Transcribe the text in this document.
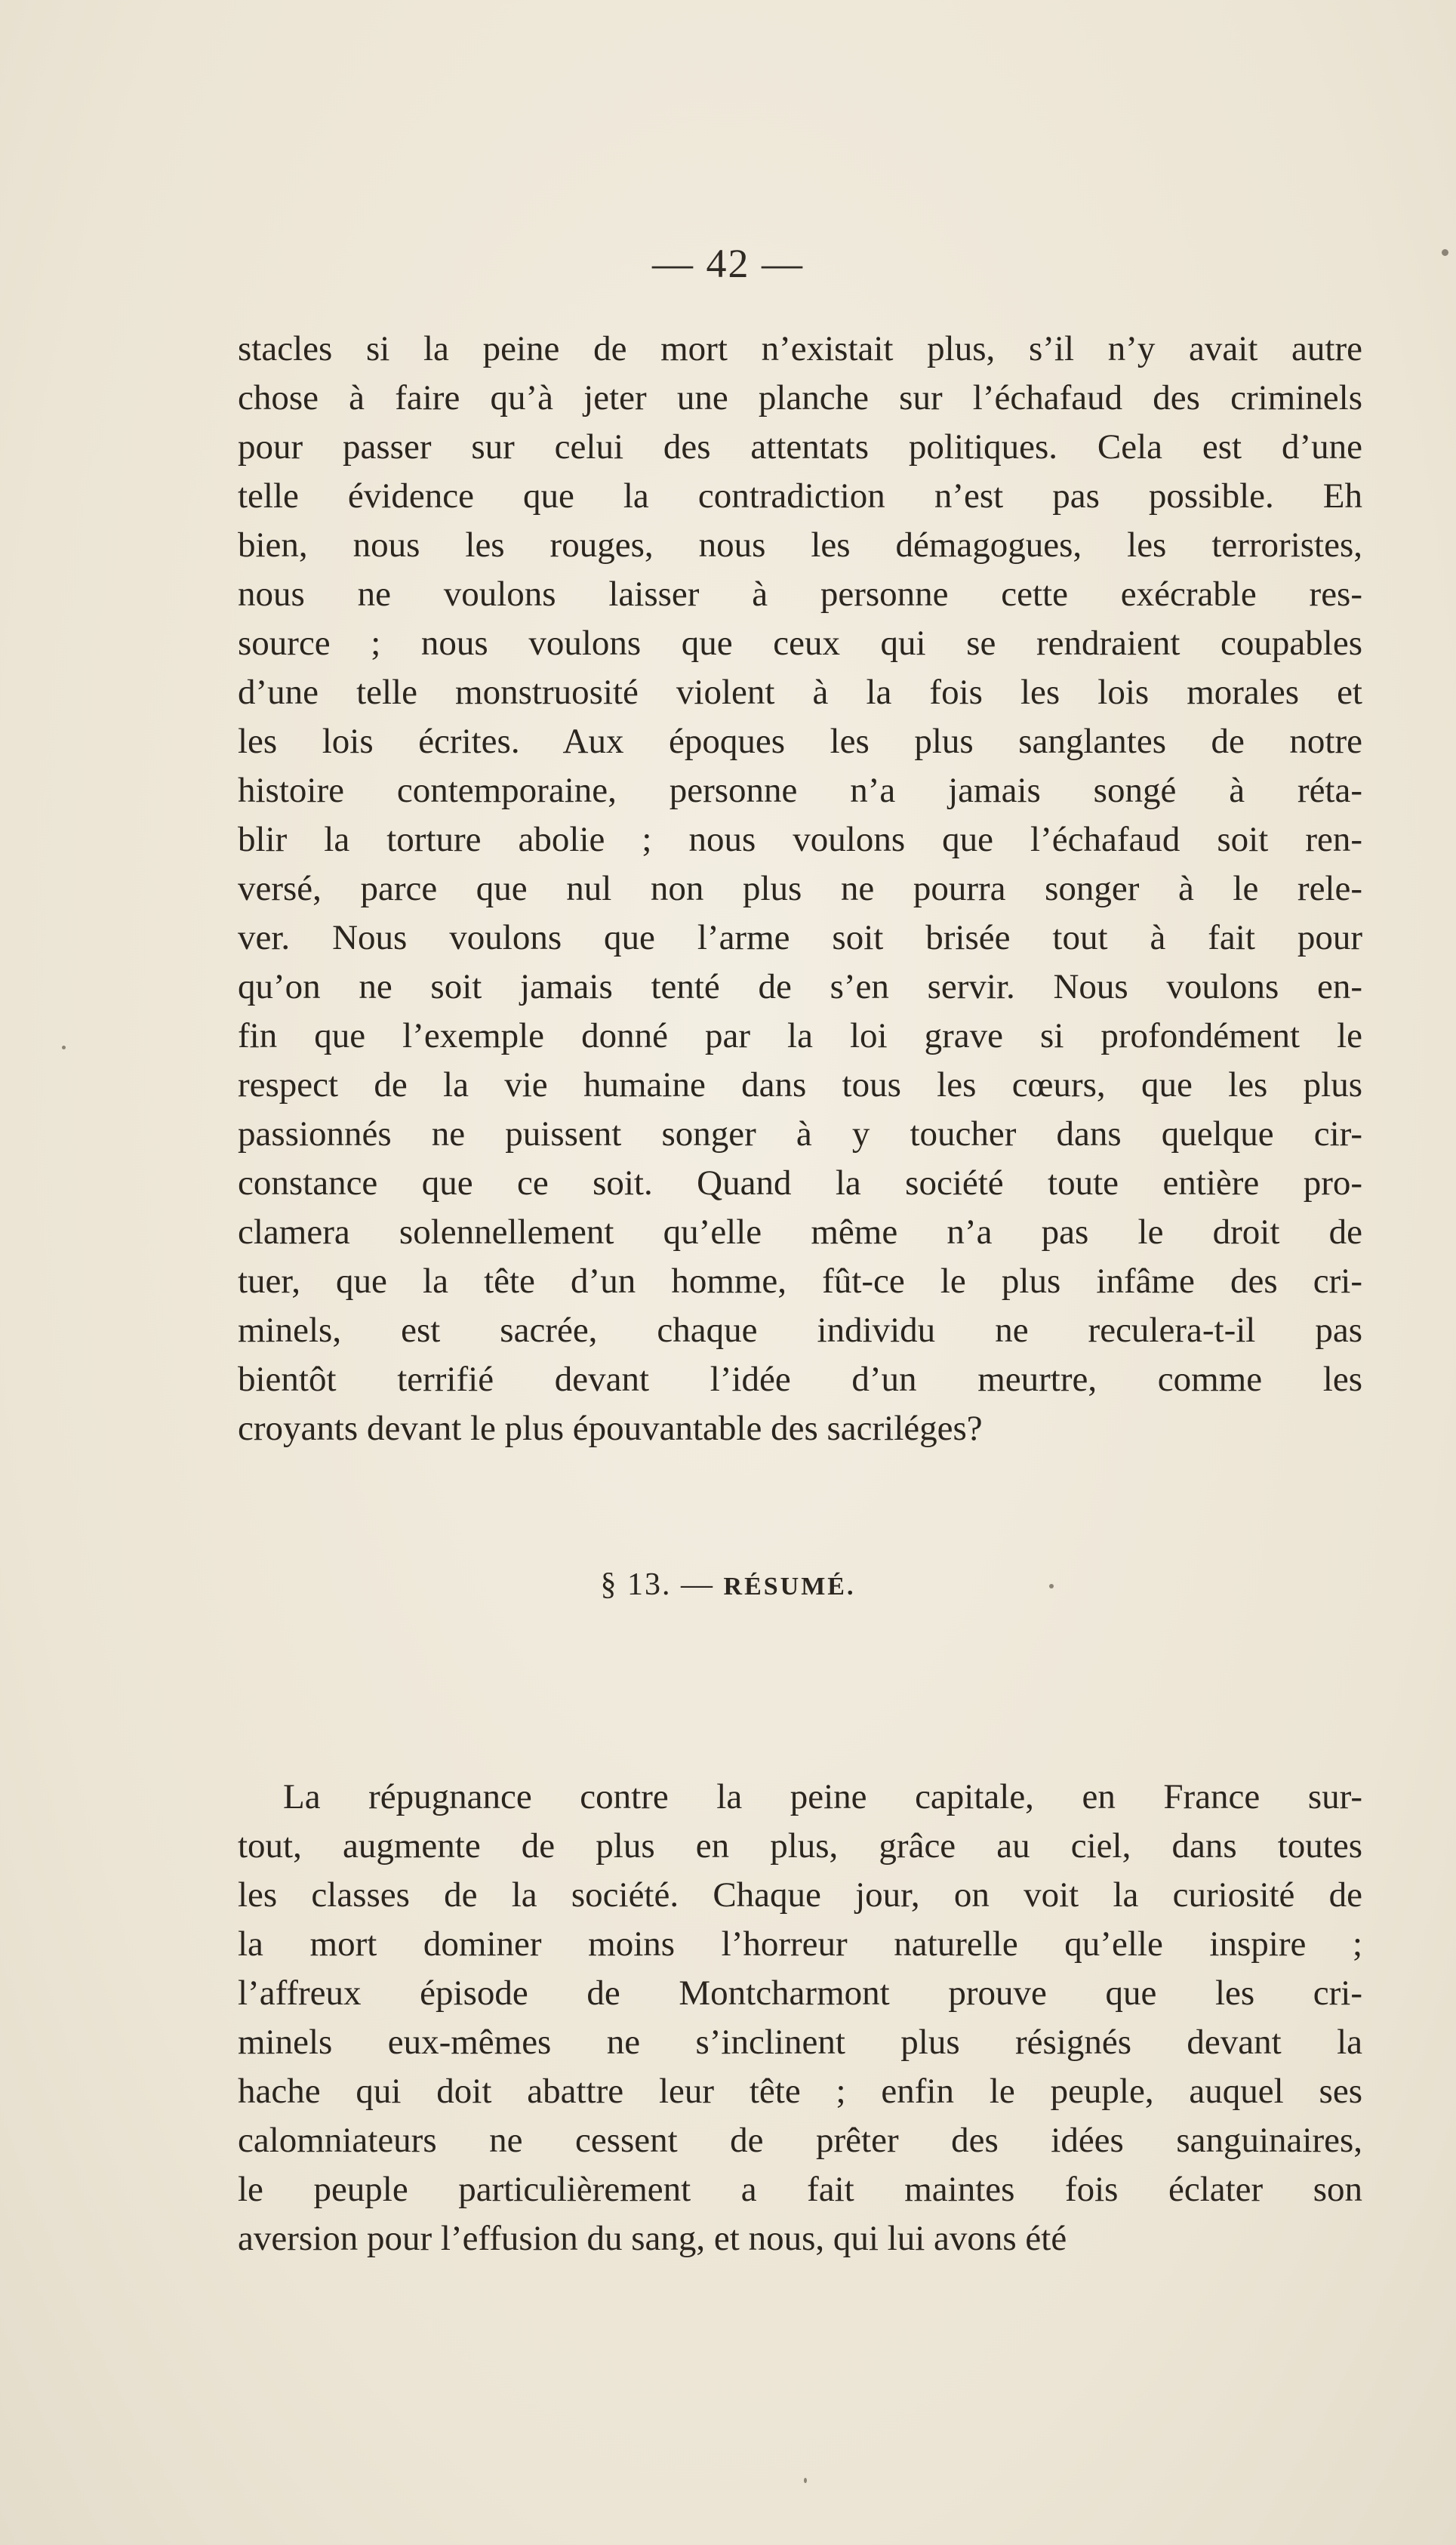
— 42 —
stacles si la peine de mort n’existait plus, s’il n’y avait autre
chose à faire qu’à jeter une planche sur l’échafaud des criminels
pour passer sur celui des attentats politiques. Cela est d’une
telle évidence que la contradiction n’est pas possible. Eh
bien, nous les rouges, nous les démagogues, les terroristes,
nous ne voulons laisser à personne cette exécrable res-
source ; nous voulons que ceux qui se rendraient coupables
d’une telle monstruosité violent à la fois les lois morales et
les lois écrites. Aux époques les plus sanglantes de notre
histoire contemporaine, personne n’a jamais songé à réta-
blir la torture abolie ; nous voulons que l’échafaud soit ren-
versé, parce que nul non plus ne pourra songer à le rele-
ver. Nous voulons que l’arme soit brisée tout à fait pour
qu’on ne soit jamais tenté de s’en servir. Nous voulons en-
fin que l’exemple donné par la loi grave si profondément le
respect de la vie humaine dans tous les cœurs, que les plus
passionnés ne puissent songer à y toucher dans quelque cir-
constance que ce soit. Quand la société toute entière pro-
clamera solennellement qu’elle même n’a pas le droit de
tuer, que la tête d’un homme, fût-ce le plus infâme des cri-
minels, est sacrée, chaque individu ne reculera-t-il pas
bientôt terrifié devant l’idée d’un meurtre, comme les
croyants devant le plus épouvantable des sacriléges?
§ 13. — RÉSUMÉ.
La répugnance contre la peine capitale, en France sur-
tout, augmente de plus en plus, grâce au ciel, dans toutes
les classes de la société. Chaque jour, on voit la curiosité de
la mort dominer moins l’horreur naturelle qu’elle inspire ;
l’affreux épisode de Montcharmont prouve que les cri-
minels eux-mêmes ne s’inclinent plus résignés devant la
hache qui doit abattre leur tête ; enfin le peuple, auquel ses
calomniateurs ne cessent de prêter des idées sanguinaires,
le peuple particulièrement a fait maintes fois éclater son
aversion pour l’effusion du sang, et nous, qui lui avons été
